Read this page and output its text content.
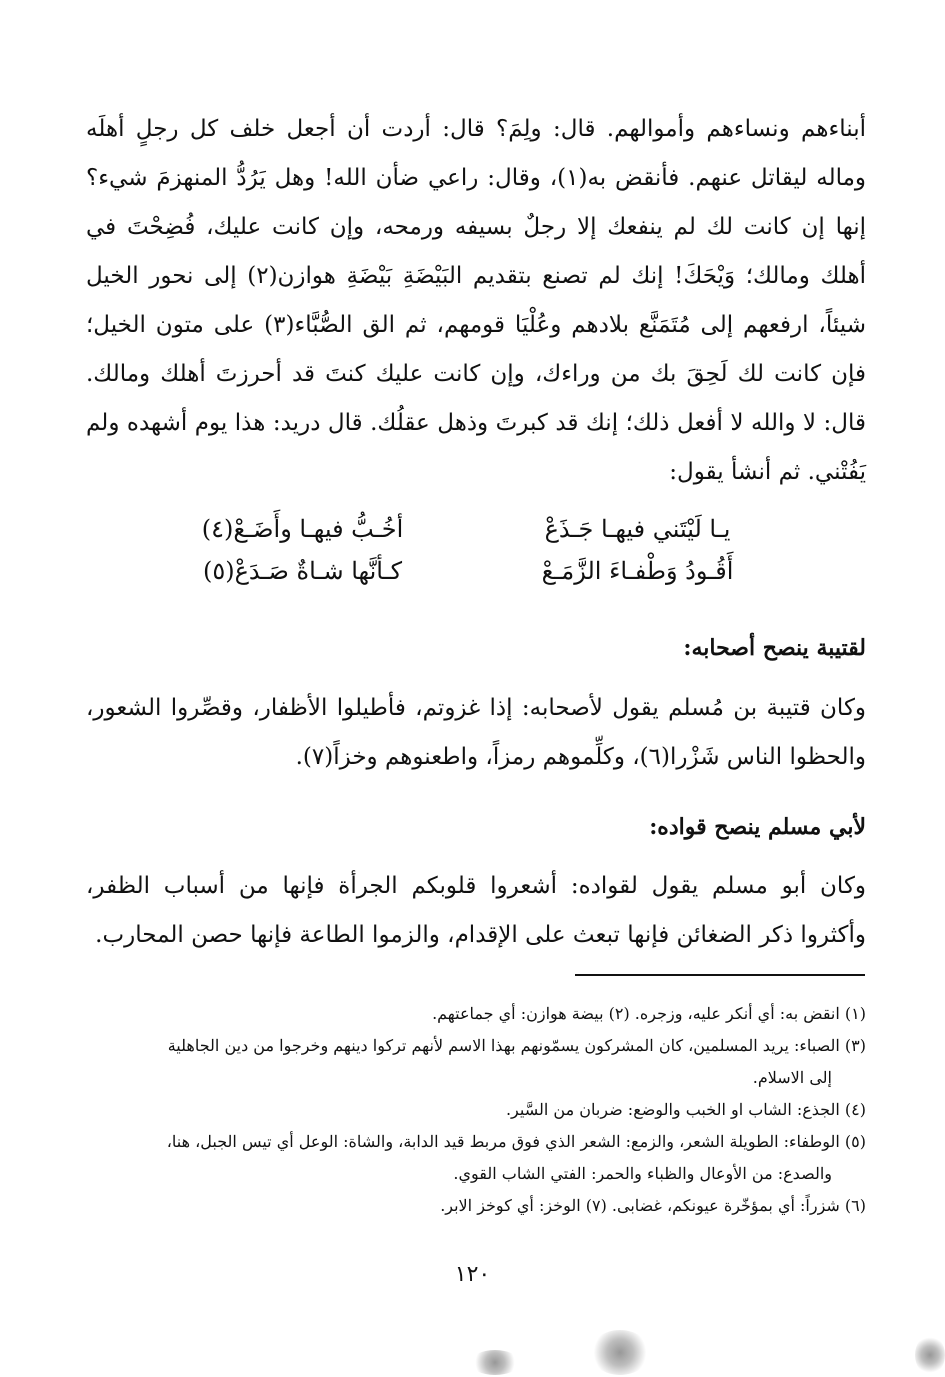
أبناءهم ونساءهم وأموالهم. قال: ولِمَ؟ قال: أردت أن أجعل خلف كل رجلٍ أهلَه وماله ليقاتل عنهم. فأنقض به(١)، وقال: راعي ضأن الله! وهل يَرُدُّ المنهزمَ شيء؟ إنها إن كانت لك لم ينفعك إلا رجلٌ بسيفه ورمحه، وإن كانت عليك، فُضِحْتَ في أهلك ومالك؛ وَيْحَكَ! إنك لم تصنع بتقديم البَيْضَةِ بَيْضَةِ هوازن(٢) إلى نحور الخيل شيئاً، ارفعهم إلى مُتَمَنَّع بلادهم وعُلْيَا قومهم، ثم الق الصُّبَّاء(٣) على متون الخيل؛ فإن كانت لك لَحِقَ بك من وراءك، وإن كانت عليك كنتَ قد أحرزتَ أهلك ومالك. قال: لا والله لا أفعل ذلك؛ إنك قد كبرتَ وذهل عقلُك. قال دريد: هذا يوم أشهده ولم يَفُتْني. ثم أنشأ يقول:

يـا لَيْتَني فيهـا جَـذَعْ
أخُـبُّ فيهـا وأَضَـعْ(٤)
أَقُـودُ وَطْفـاءَ الزَّمَـعْ
كـأنَّها شـاةٌ صَـدَعْ(٥)
لقتيبة ينصح أصحابه:

وكان قتيبة بن مُسلم يقول لأصحابه: إذا غزوتم، فأطيلوا الأظفار، وقصِّروا الشعور، والحظوا الناس شَزْرا(٦)، وكلِّموهم رمزاً، واطعنوهم وخزاً(٧).

لأبي مسلم ينصح قواده:

وكان أبو مسلم يقول لقواده: أشعروا قلوبكم الجرأة فإنها من أسباب الظفر، وأكثروا ذكر الضغائن فإنها تبعث على الإقدام، والزموا الطاعة فإنها حصن المحارب.

(١) انقض به: أي أنكر عليه، وزجره. (٢) بيضة هوازن: أي جماعتهم.

(٣) الصباء: يريد المسلمين، كان المشركون يسمّونهم بهذا الاسم لأنهم تركوا دينهم وخرجوا من دين الجاهلية
إلى الاسلام.

(٤) الجذع: الشاب او الخبب والوضع: ضربان من السَّير.

(٥) الوطفاء: الطويلة الشعر، والزمع: الشعر الذي فوق مربط قيد الدابة، والشاة: الوعل أي تيس الجبل، هنا،
والصدع: من الأوعال والظباء والحمر: الفتي الشاب القوي.

(٦) شزراً: أي بمؤخّرة عيونكم، غضابى. (٧) الوخز: أي كوخز الابر.

١٢٠
